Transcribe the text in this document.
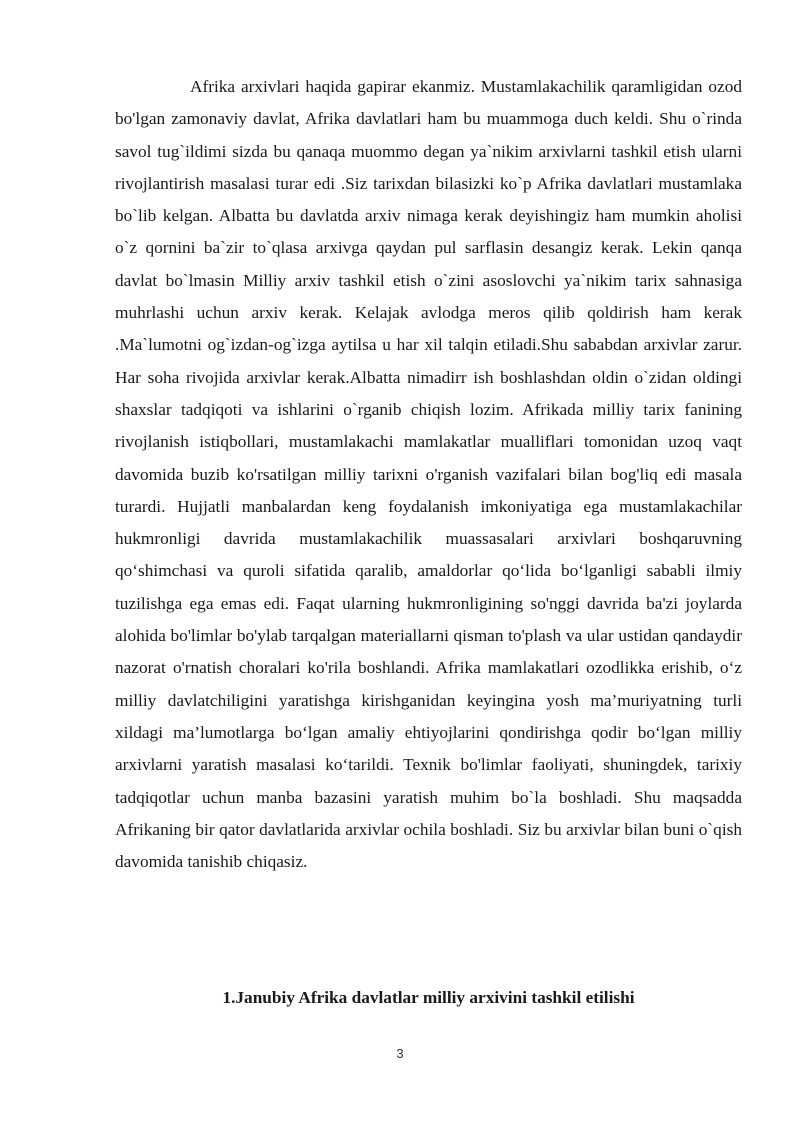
Afrika arxivlari haqida gapirar ekanmiz. Mustamlakachilik qaramligidan ozod bo'lgan zamonaviy davlat, Afrika davlatlari ham bu muammoga duch keldi. Shu o`rinda savol tug`ildimi sizda bu qanaqa muommo degan ya`nikim arxivlarni tashkil etish ularni rivojlantirish masalasi turar edi .Siz tarixdan bilasizki ko`p Afrika davlatlari mustamlaka bo`lib kelgan. Albatta bu davlatda arxiv nimaga kerak deyishingiz ham mumkin aholisi o`z qornini ba`zir to`qlasa arxivga qaydan pul sarflasin desangiz kerak. Lekin qanqa davlat bo`lmasin Milliy arxiv tashkil etish o`zini asoslovchi ya`nikim tarix sahnasiga muhrlashi uchun arxiv kerak. Kelajak avlodga meros qilib qoldirish ham kerak .Ma`lumotni og`izdan-og`izga aytilsa u har xil talqin etiladi.Shu sababdan arxivlar zarur. Har soha rivojida arxivlar kerak.Albatta nimadirr ish boshlashdan oldin o`zidan oldingi shaxslar tadqiqoti va ishlarini o`rganib chiqish lozim. Afrikada milliy tarix fanining rivojlanish istiqbollari, mustamlakachi mamlakatlar mualliflari tomonidan uzoq vaqt davomida buzib ko'rsatilgan milliy tarixni o'rganish vazifalari bilan bog'liq edi masala turardi. Hujjatli manbalardan keng foydalanish imkoniyatiga ega mustamlakachilar hukmronligi davrida mustamlakachilik muassasalari arxivlari boshqaruvning qo‘shimchasi va quroli sifatida qaralib, amaldorlar qo‘lida bo‘lganligi sababli ilmiy tuzilishga ega emas edi. Faqat ularning hukmronligining so'nggi davrida ba'zi joylarda alohida bo'limlar bo'ylab tarqalgan materiallarni qisman to'plash va ular ustidan qandaydir nazorat o'rnatish choralari ko'rila boshlandi. Afrika mamlakatlari ozodlikka erishib, o‘z milliy davlatchiligini yaratishga kirishganidan keyingina yosh ma’muriyatning turli xildagi ma’lumotlarga bo‘lgan amaliy ehtiyojlarini qondirishga qodir bo‘lgan milliy arxivlarni yaratish masalasi ko‘tarildi. Texnik bo'limlar faoliyati, shuningdek, tarixiy tadqiqotlar uchun manba bazasini yaratish muhim bo`la boshladi. Shu maqsadda Afrikaning bir qator davlatlarida arxivlar ochila boshladi. Siz bu arxivlar bilan buni o`qish davomida tanishib chiqasiz.

1.Janubiy Afrika davlatlar milliy arxivini tashkil etilishi
3
